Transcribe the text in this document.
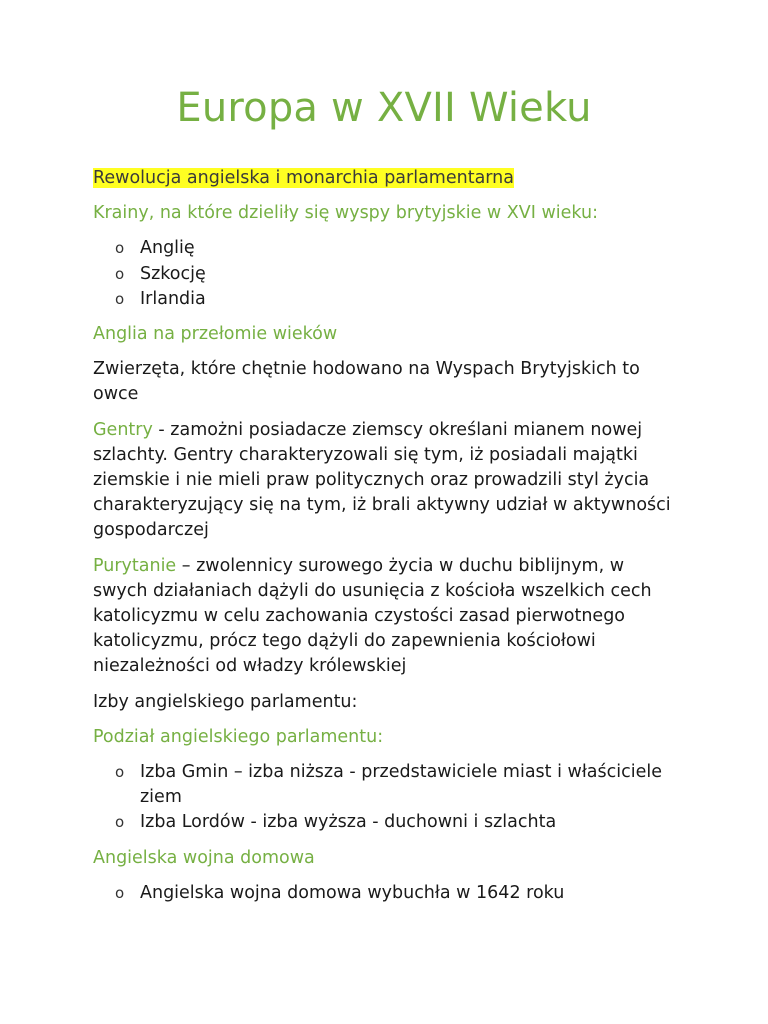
Europa w XVII Wieku

Rewolucja angielska i monarchia parlamentarna

Krainy, na które dzieliły się wyspy brytyjskie w XVI wieku:

o Anglię
o Szkocję
o Irlandia

Anglia na przełomie wieków

Zwierzęta, które chętnie hodowano na Wyspach Brytyjskich to owce

Gentry - zamożni posiadacze ziemscy określani mianem nowej szlachty. Gentry charakteryzowali się tym, iż posiadali majątki ziemskie i nie mieli praw politycznych oraz prowadzili styl życia charakteryzujący się na tym, iż brali aktywny udział w aktywności gospodarczej

Purytanie – zwolennicy surowego życia w duchu biblijnym, w swych działaniach dążyli do usunięcia z kościoła wszelkich cech katolicyzmu w celu zachowania czystości zasad pierwotnego katolicyzmu, prócz tego dążyli do zapewnienia kościołowi niezależności od władzy królewskiej

Izby angielskiego parlamentu:

Podział angielskiego parlamentu:

o Izba Gmin – izba niższa - przedstawiciele miast i właściciele ziem
o Izba Lordów - izba wyższa - duchowni i szlachta

Angielska wojna domowa

o Angielska wojna domowa wybuchła w 1642 roku
